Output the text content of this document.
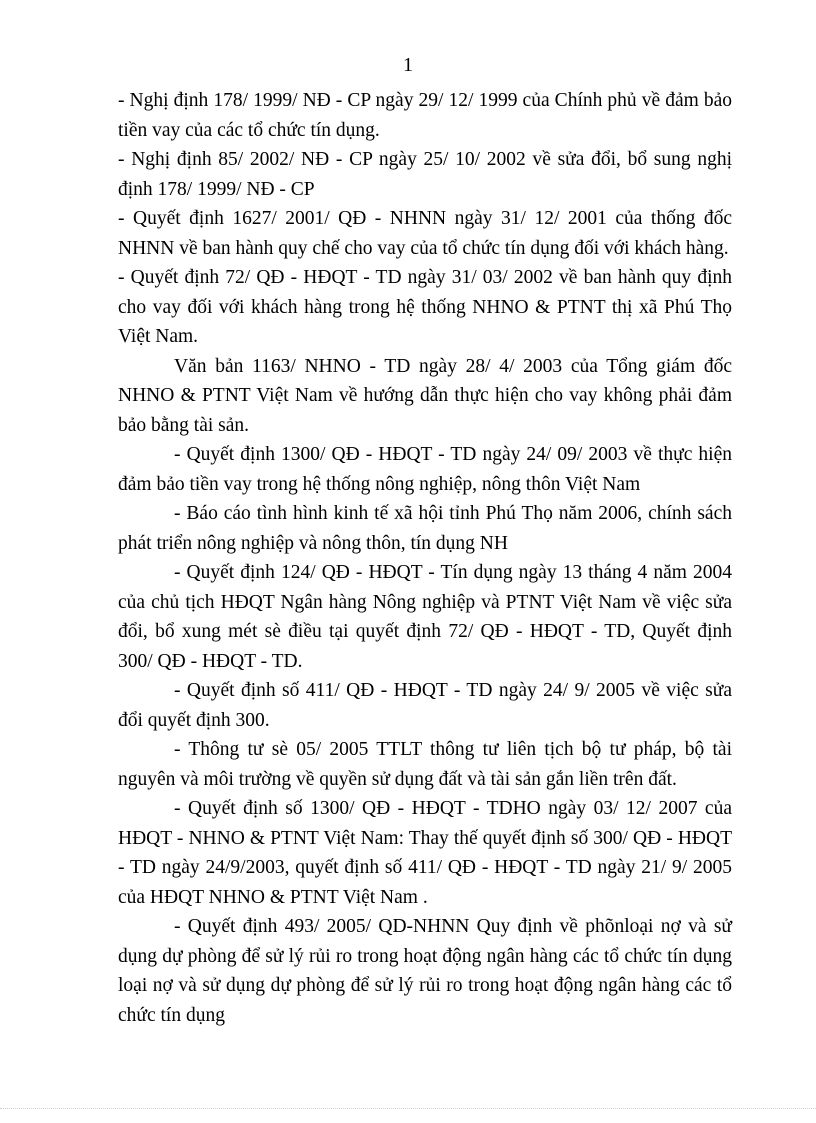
1

- Nghị định 178/ 1999/ NĐ - CP ngày 29/ 12/ 1999 của Chính phủ về đảm bảo tiền vay của các tổ chức tín dụng.

- Nghị định 85/ 2002/ NĐ - CP ngày 25/ 10/ 2002 về sửa đổi, bổ sung nghị định 178/ 1999/ NĐ - CP

- Quyết định 1627/ 2001/ QĐ - NHNN ngày 31/ 12/ 2001 của thống đốc NHNN về ban hành quy chế cho vay của tổ chức tín dụng đối với khách hàng.

- Quyết định 72/ QĐ - HĐQT - TD ngày 31/ 03/ 2002 về ban hành quy định cho vay đối với khách hàng trong hệ thống NHNO & PTNT thị xã Phú Thọ Việt Nam.

Văn bản 1163/ NHNO - TD ngày 28/ 4/ 2003 của Tổng giám đốc NHNO & PTNT Việt Nam về hướng dẫn thực hiện cho vay không phải đảm bảo bằng tài sản.

- Quyết định 1300/ QĐ - HĐQT - TD ngày 24/ 09/ 2003 về thực hiện đảm bảo tiền vay trong hệ thống nông nghiệp, nông thôn Việt Nam

- Báo cáo tình hình kinh tế xã hội tỉnh Phú Thọ năm 2006, chính sách phát triển nông nghiệp và nông thôn, tín dụng NH

- Quyết định 124/ QĐ - HĐQT - Tín dụng ngày 13 tháng 4 năm 2004 của chủ tịch HĐQT Ngân hàng Nông nghiệp và PTNT Việt Nam về việc sửa đổi, bổ xung mét sè điều tại quyết định 72/ QĐ - HĐQT - TD, Quyết định 300/ QĐ - HĐQT - TD.

- Quyết định số 411/ QĐ - HĐQT - TD ngày 24/ 9/ 2005 về việc sửa đổi quyết định 300.

- Thông tư sè 05/ 2005 TTLT thông tư liên tịch bộ tư pháp, bộ tài nguyên và môi trường về quyền sử dụng đất và tài sản gắn liền trên đất.

- Quyết định số 1300/ QĐ - HĐQT - TDHO ngày 03/ 12/ 2007 của HĐQT - NHNO & PTNT Việt Nam: Thay thế quyết định số 300/ QĐ - HĐQT - TD ngày 24/9/2003, quyết định số 411/ QĐ - HĐQT - TD ngày 21/ 9/ 2005 của HĐQT NHNO & PTNT Việt Nam .

- Quyết định 493/ 2005/ QD-NHNN Quy định về phõnloại nợ và sử dụng dự phòng để sử lý rủi ro trong hoạt động ngân hàng các tổ chức tín dụng loại nợ và sử dụng dự phòng để sử lý rủi ro trong hoạt động ngân hàng các tổ chức tín dụng
